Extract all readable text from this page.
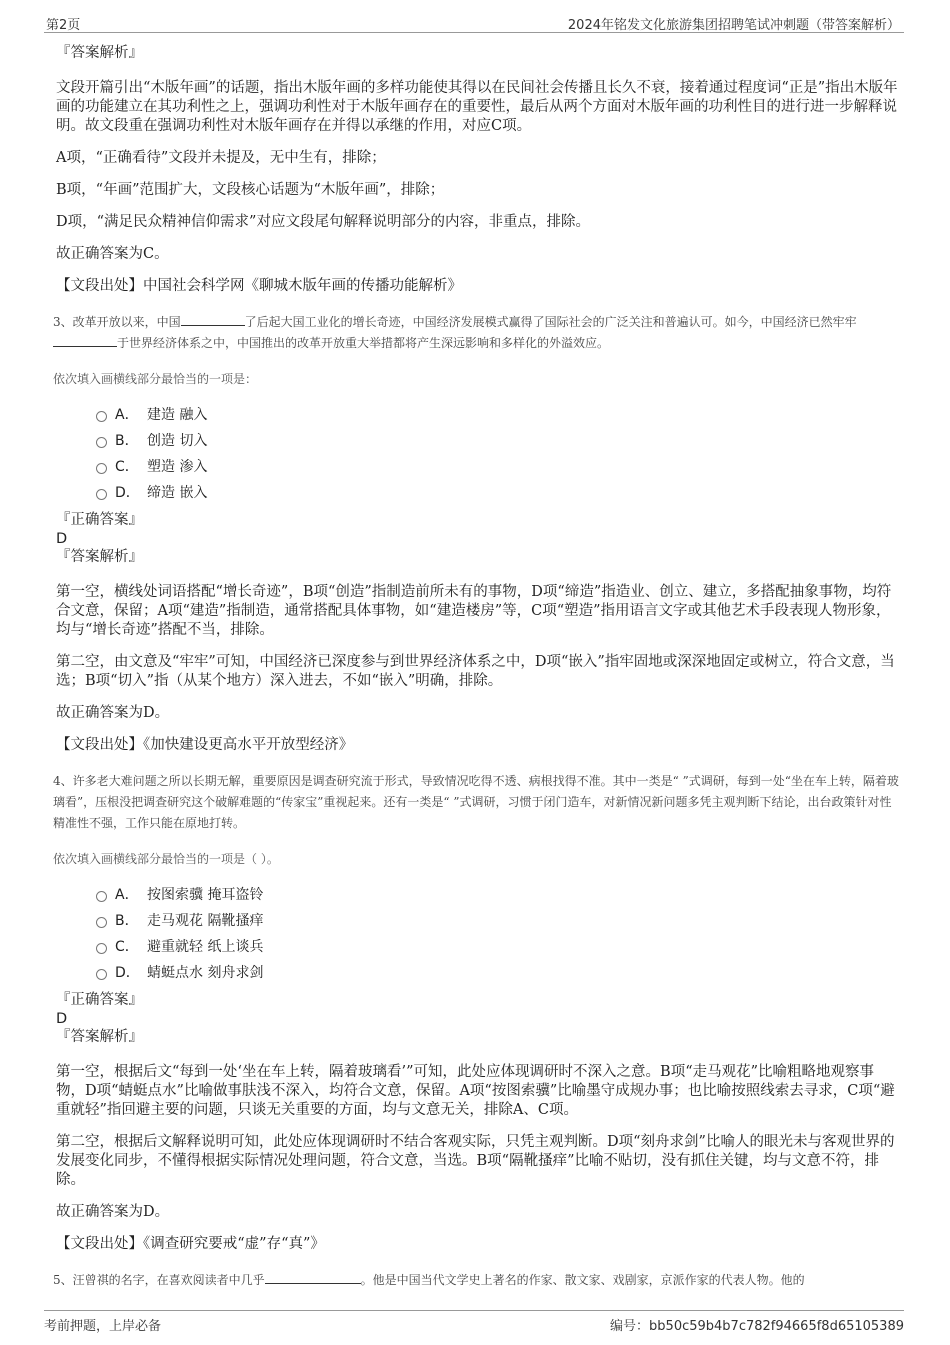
第2页	2024年铭发文化旅游集团招聘笔试冲刺题（带答案解析）
『答案解析』

文段开篇引出“木版年画”的话题，指出木版年画的多样功能使其得以在民间社会传播且长久不衰，接着通过程度词“正是”指出木版年画的功能建立在其功利性之上，强调功利性对于木版年画存在的重要性，最后从两个方面对木版年画的功利性目的进行进一步解释说明。故文段重在强调功利性对木版年画存在并得以承继的作用，对应C项。

A项，“正确看待”文段并未提及，无中生有，排除；

B项，“年画”范围扩大，文段核心话题为“木版年画”，排除；

D项，“满足民众精神信仰需求”对应文段尾句解释说明部分的内容，非重点，排除。

故正确答案为C。

【文段出处】中国社会科学网《聊城木版年画的传播功能解析》

3、改革开放以来，中国	了后起大国工业化的增长奇迹，中国经济发展模式赢得了国际社会的广泛关注和普遍认可。如今，中国经济已然牢牢于世界经济体系之中，中国推出的改革开放重大举措都将产生深远影响和多样化的外溢效应。
依次填入画横线部分最恰当的一项是：
A． 建造 融入
B． 创造 切入
C． 塑造 渗入
D． 缔造 嵌入
『正确答案』
D
『答案解析』

第一空，横线处词语搭配“增长奇迹”，B项“创造”指制造前所未有的事物，D项“缔造”指造业、创立、建立，多搭配抽象事物，均符合文意，保留；A项“建造”指制造，通常搭配具体事物，如“建造楼房”等，C项“塑造”指用语言文字或其他艺术手段表现人物形象，均与“增长奇迹”搭配不当，排除。

第二空，由文意及“牢牢”可知，中国经济已深度参与到世界经济体系之中，D项“嵌入”指牢固地或深深地固定或树立，符合文意，当选；B项“切入”指（从某个地方）深入进去，不如“嵌入”明确，排除。

故正确答案为D。

【文段出处】《加快建设更高水平开放型经济》

4、许多老大难问题之所以长期无解，重要原因是调查研究流于形式，导致情况吃得不透、病根找得不准。其中一类是“ ”式调研，每到一处“坐在车上转，隔着玻璃看”，压根没把调查研究这个破解难题的“传家宝”重视起来。还有一类是“ ”式调研，习惯于闭门造车，对新情况新问题多凭主观判断下结论，出台政策针对性精准性不强，工作只能在原地打转。
依次填入画横线部分最恰当的一项是（ ）。
A． 按图索骥 掩耳盗铃
B． 走马观花 隔靴搔痒
C． 避重就轻 纸上谈兵
D． 蜻蜓点水 刻舟求剑
『正确答案』
D
『答案解析』

第一空，根据后文“每到一处‘坐在车上转，隔着玻璃看’”可知，此处应体现调研时不深入之意。B项“走马观花”比喻粗略地观察事物，D项“蜻蜓点水”比喻做事肤浅不深入，均符合文意，保留。A项“按图索骥”比喻墨守成规办事；也比喻按照线索去寻求，C项“避重就轻”指回避主要的问题，只谈无关重要的方面，均与文意无关，排除A、C项。

第二空，根据后文解释说明可知，此处应体现调研时不结合客观实际，只凭主观判断。D项“刻舟求剑”比喻人的眼光未与客观世界的发展变化同步，不懂得根据实际情况处理问题，符合文意，当选。B项“隔靴搔痒”比喻不贴切，没有抓住关键，均与文意不符，排除。

故正确答案为D。

【文段出处】《调查研究要戒“虚”存“真”》

5、汪曾祺的名字，在喜欢阅读者中几乎	。他是中国当代文学史上著名的作家、散文家、戏剧家，京派作家的代表人物。他的
考前押题，上岸必备	编号：bb50c59b4b7c782f94665f8d65105389
